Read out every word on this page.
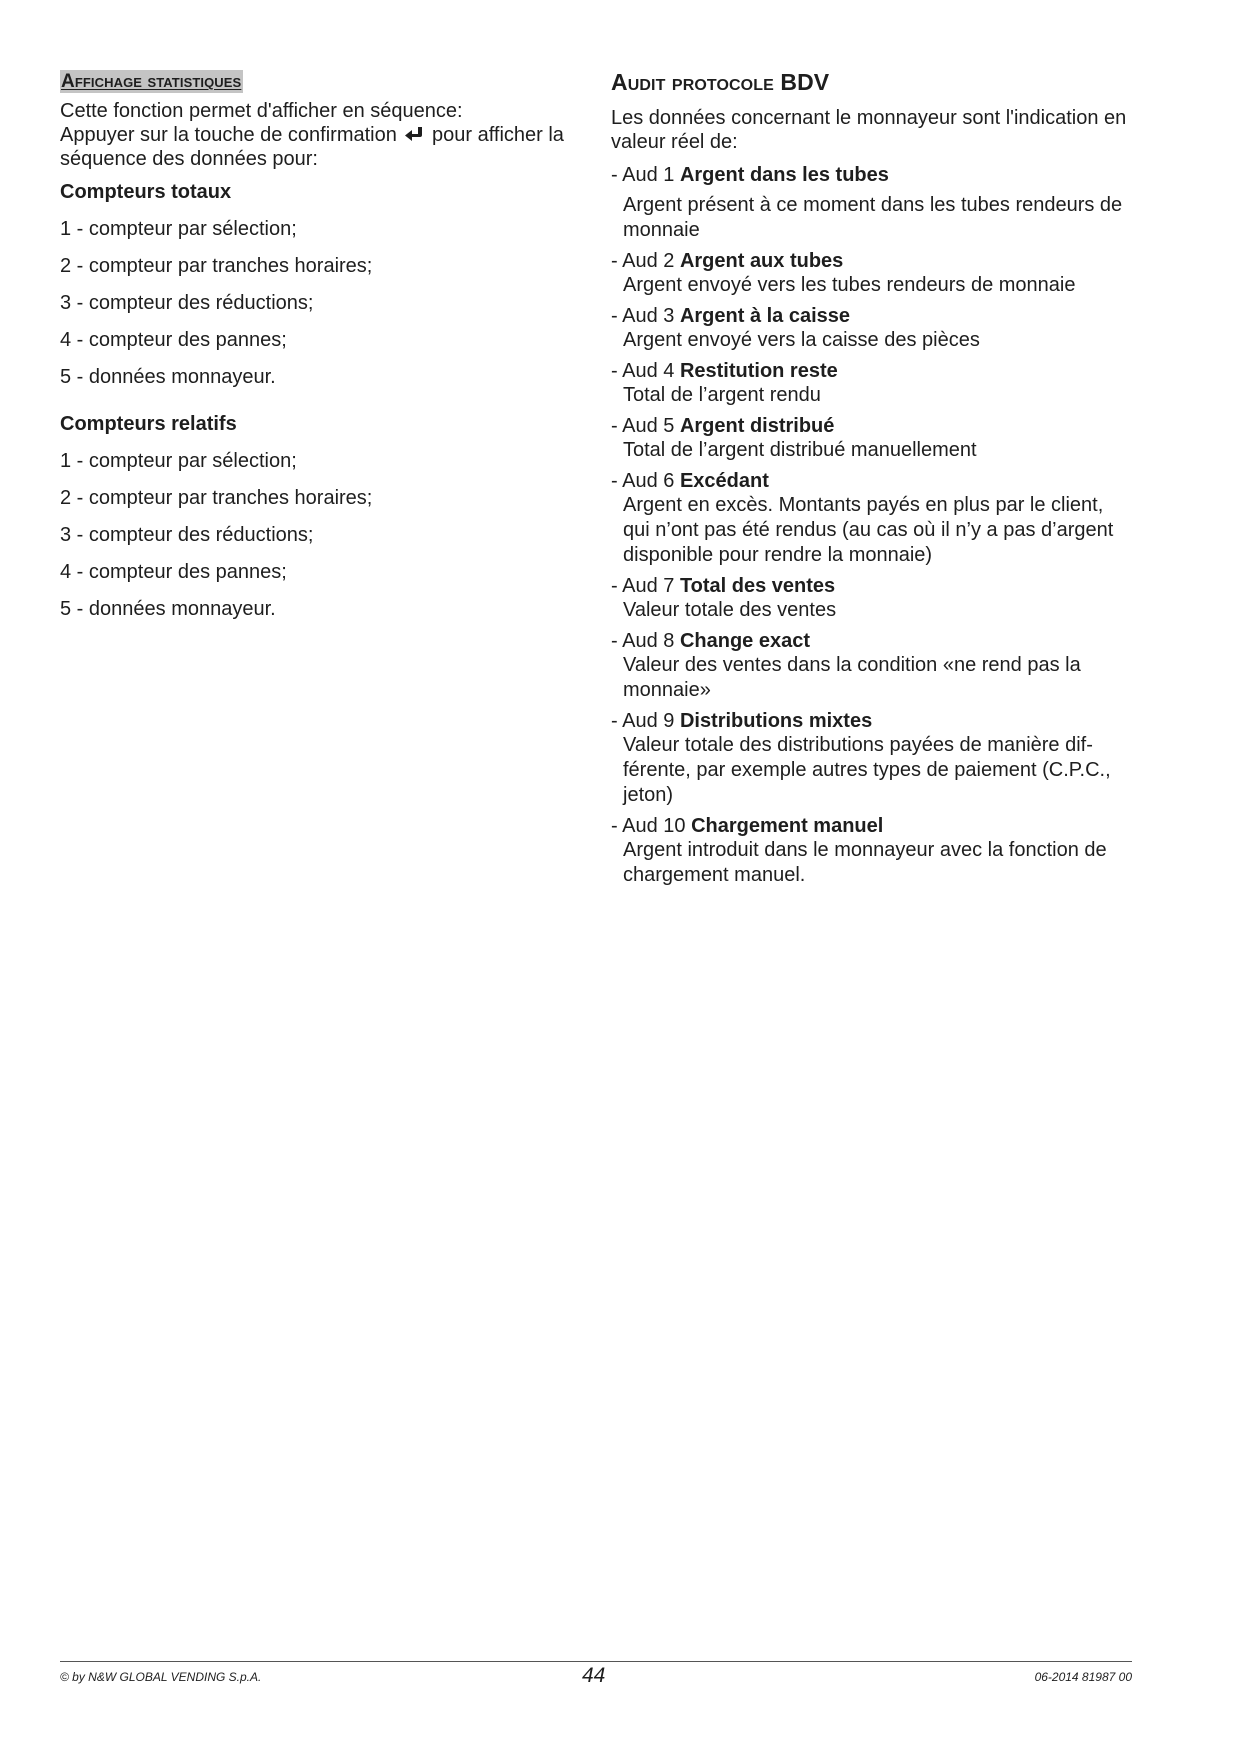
Affichage statistiques

Cette fonction permet d'afficher en séquence:
Appuyer sur la touche de confirmation pour afficher la séquence des données pour:

Compteurs totaux
1 - compteur par sélection;
2 - compteur par tranches horaires;
3 - compteur des réductions;
4 - compteur des pannes;
5 - données monnayeur.
Compteurs relatifs
1 - compteur par sélection;
2 - compteur par tranches horaires;
3 - compteur des réductions;
4 - compteur des pannes;
5 - données monnayeur.
Audit protocole BDV

Les données concernant le monnayeur sont l'indication en valeur réel de:

- Aud 1 Argent dans les tubes

Argent présent à ce moment dans les tubes rendeurs de monnaie

- Aud 2 Argent aux tubes

Argent envoyé vers les tubes rendeurs de monnaie

- Aud 3 Argent à la caisse

Argent envoyé vers la caisse des pièces

- Aud 4 Restitution reste

Total de l’argent rendu

- Aud 5 Argent distribué

Total de l’argent distribué manuellement

- Aud 6 Excédant

Argent en excès. Montants payés en plus par le client, qui n’ont pas été rendus (au cas où il n’y a pas d’argent disponible pour rendre la monnaie)

- Aud 7 Total des ventes

Valeur totale des ventes

- Aud 8 Change exact

Valeur des ventes dans la condition «ne rend pas la monnaie»

- Aud 9 Distributions mixtes

Valeur totale des distributions payées de manière dif-férente, par exemple autres types de paiement (C.P.C., jeton)

- Aud 10 Chargement manuel

Argent introduit dans le monnayeur avec la fonction de chargement manuel.

© by N&W GLOBAL VENDING S.p.A.	44	06-2014 81987 00
